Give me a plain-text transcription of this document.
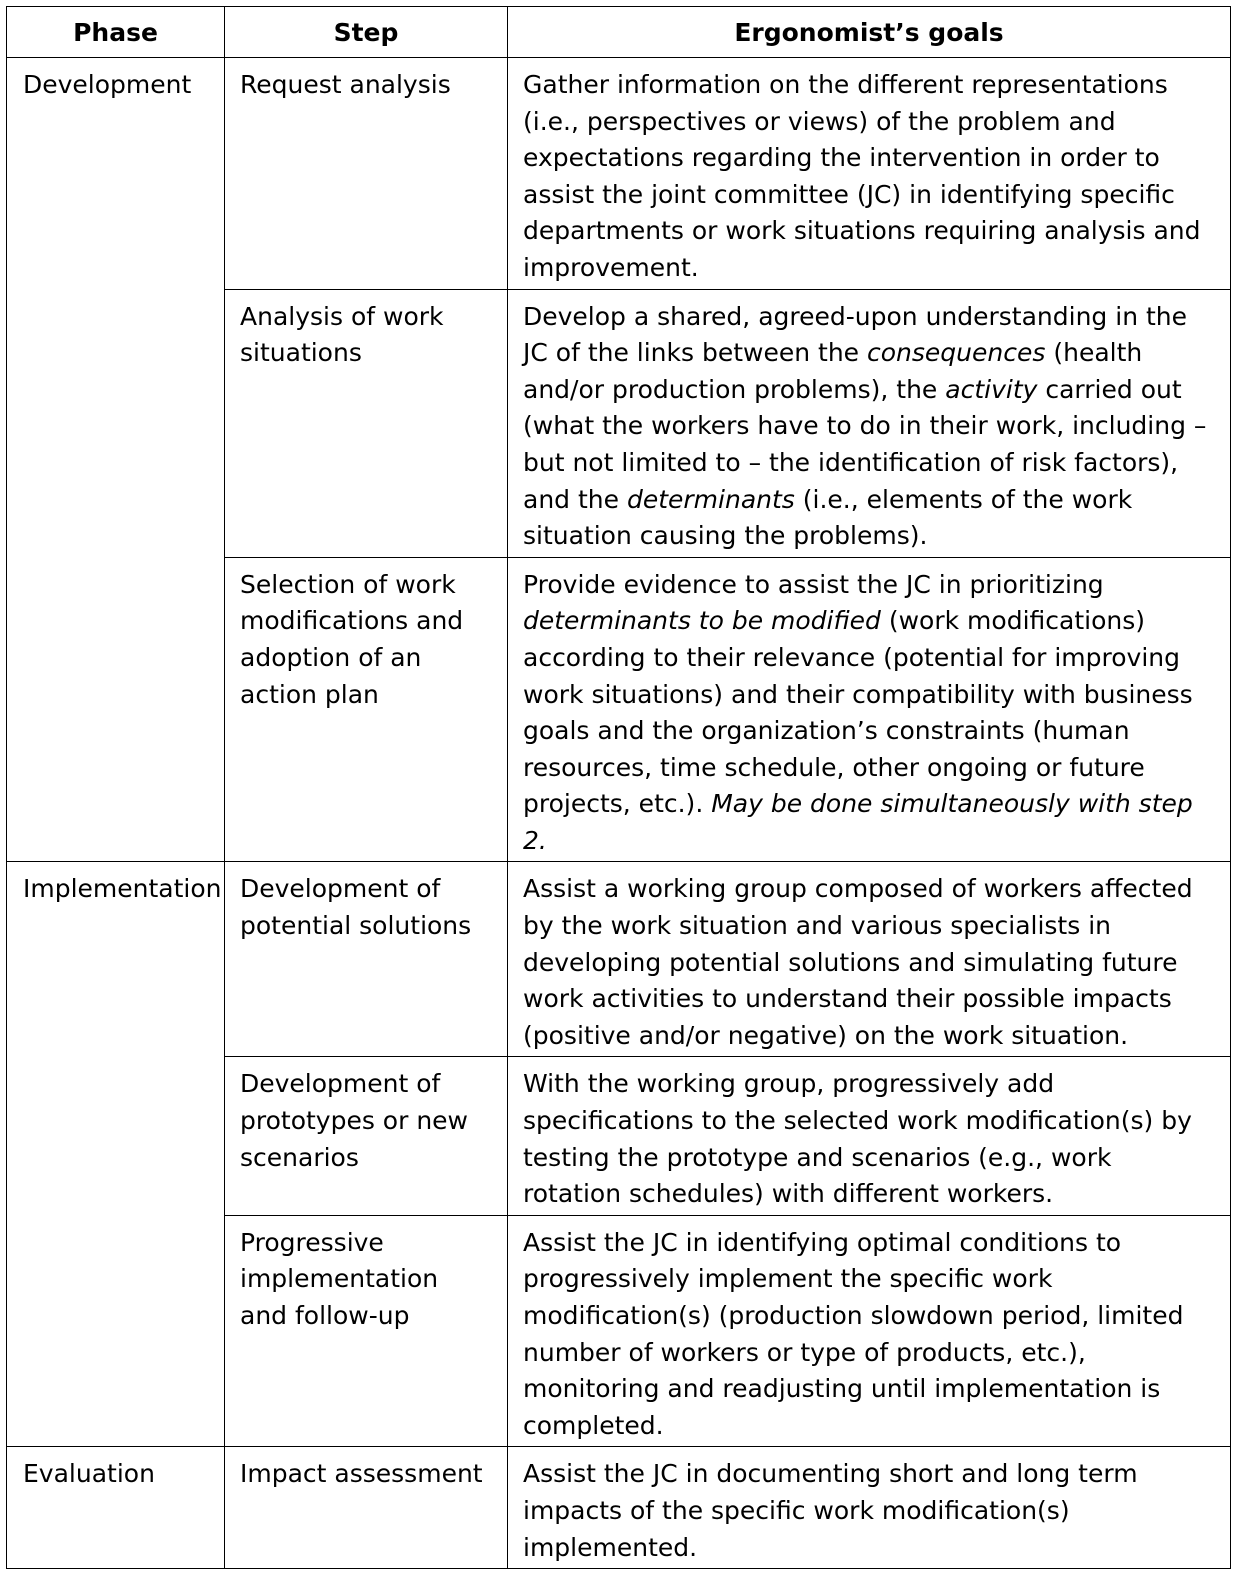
Phase	Step	Ergonomist’s goals
Development	Request analysis	Gather information on the different representations (i.e., perspectives or views) of the problem and expectations regarding the intervention in order to assist the joint committee (JC) in identifying specific departments or work situations requiring analysis and improvement.
	Analysis of work situations	Develop a shared, agreed-upon understanding in the JC of the links between the consequences (health and/or production problems), the activity carried out (what the workers have to do in their work, including – but not limited to – the identification of risk factors), and the determinants (i.e., elements of the work situation causing the problems).
	Selection of work modifications and adoption of an action plan	Provide evidence to assist the JC in prioritizing determinants to be modified (work modifications) according to their relevance (potential for improving work situations) and their compatibility with business goals and the organization’s constraints (human resources, time schedule, other ongoing or future projects, etc.). May be done simultaneously with step 2.
Implementation	Development of potential solutions	Assist a working group composed of workers affected by the work situation and various specialists in developing potential solutions and simulating future work activities to understand their possible impacts (positive and/or negative) on the work situation.
	Development of prototypes or new scenarios	With the working group, progressively add specifications to the selected work modification(s) by testing the prototype and scenarios (e.g., work rotation schedules) with different workers.
	Progressive implementation and follow-up	Assist the JC in identifying optimal conditions to progressively implement the specific work modification(s) (production slowdown period, limited number of workers or type of products, etc.), monitoring and readjusting until implementation is completed.
Evaluation	Impact assessment	Assist the JC in documenting short and long term impacts of the specific work modification(s) implemented.
